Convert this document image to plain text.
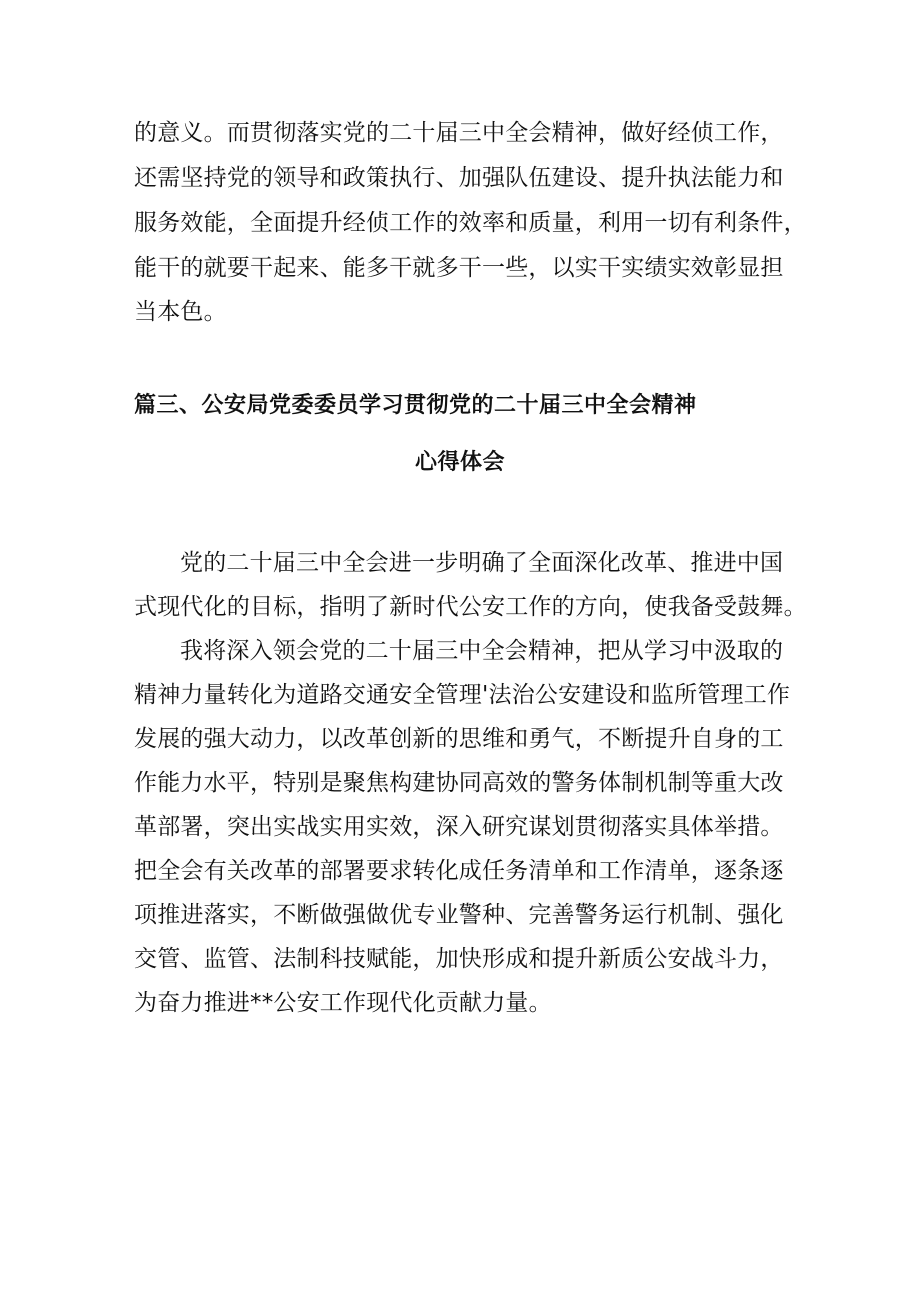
的意义。而贯彻落实党的二十届三中全会精神，做好经侦工作，
还需坚持党的领导和政策执行、加强队伍建设、提升执法能力和
服务效能，全面提升经侦工作的效率和质量，利用一切有利条件，
能干的就要干起来、能多干就多干一些，以实干实绩实效彰显担
当本色。
篇三、公安局党委委员学习贯彻党的二十届三中全会精神
心得体会
党的二十届三中全会进一步明确了全面深化改革、推进中国
式现代化的目标，指明了新时代公安工作的方向，使我备受鼓舞。
我将深入领会党的二十届三中全会精神，把从学习中汲取的
精神力量转化为道路交通安全管理'法治公安建设和监所管理工作
发展的强大动力，以改革创新的思维和勇气，不断提升自身的工
作能力水平，特别是聚焦构建协同高效的警务体制机制等重大改
革部署，突出实战实用实效，深入研究谋划贯彻落实具体举措。
把全会有关改革的部署要求转化成任务清单和工作清单，逐条逐
项推进落实，不断做强做优专业警种、完善警务运行机制、强化
交管、监管、法制科技赋能，加快形成和提升新质公安战斗力，
为奋力推进**公安工作现代化贡献力量。
